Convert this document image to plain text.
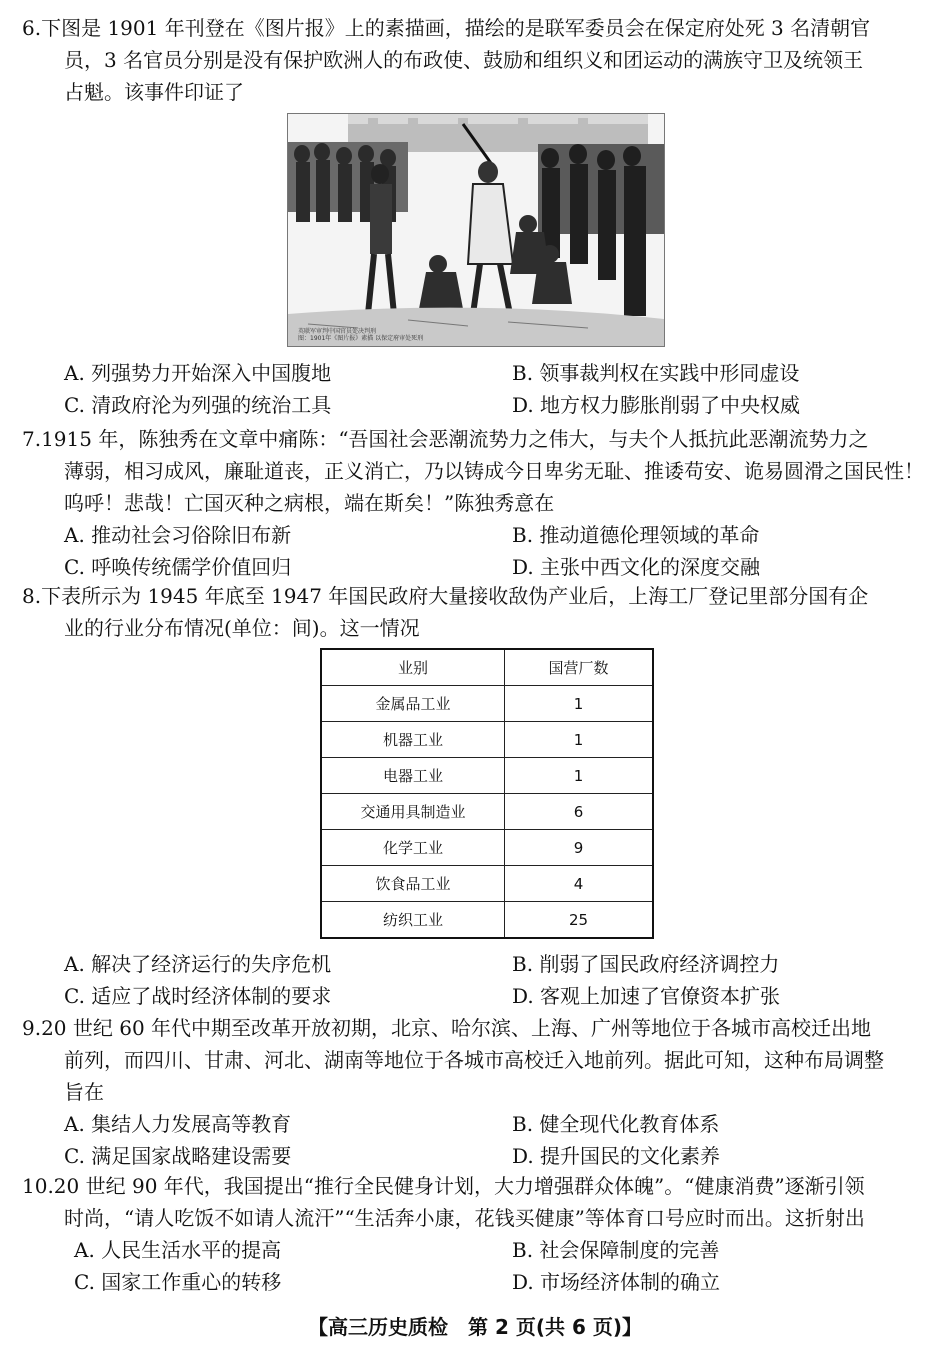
6.下图是 1901 年刊登在《图片报》上的素描画，描绘的是联军委员会在保定府处死 3 名清朝官
员，3 名官员分别是没有保护欧洲人的布政使、鼓励和组织义和团运动的满族守卫及统领王
占魁。该事件印证了
英联军审判中国官员处决判刑
图：1901年《图片报》素描 以保定府审处死刑
A. 列强势力开始深入中国腹地	B. 领事裁判权在实践中形同虚设
C. 清政府沦为列强的统治工具	D. 地方权力膨胀削弱了中央权威
7.1915 年，陈独秀在文章中痛陈：“吾国社会恶潮流势力之伟大，与夫个人抵抗此恶潮流势力之
薄弱，相习成风，廉耻道丧，正义消亡，乃以铸成今日卑劣无耻、推诿苟安、诡易圆滑之国民性！
呜呼！悲哉！亡国灭种之病根，端在斯矣！”陈独秀意在
A. 推动社会习俗除旧布新	B. 推动道德伦理领域的革命
C. 呼唤传统儒学价值回归	D. 主张中西文化的深度交融
8.下表所示为 1945 年底至 1947 年国民政府大量接收敌伪产业后，上海工厂登记里部分国有企
业的行业分布情况(单位：间)。这一情况
业别	国营厂数
金属品工业	1
机器工业	1
电器工业	1
交通用具制造业	6
化学工业	9
饮食品工业	4
纺织工业	25
A. 解决了经济运行的失序危机	B. 削弱了国民政府经济调控力
C. 适应了战时经济体制的要求	D. 客观上加速了官僚资本扩张
9.20 世纪 60 年代中期至改革开放初期，北京、哈尔滨、上海、广州等地位于各城市高校迁出地
前列，而四川、甘肃、河北、湖南等地位于各城市高校迁入地前列。据此可知，这种布局调整
旨在
A. 集结人力发展高等教育	B. 健全现代化教育体系
C. 满足国家战略建设需要	D. 提升国民的文化素养
10.20 世纪 90 年代，我国提出“推行全民健身计划，大力增强群众体魄”。“健康消费”逐渐引领
时尚，“请人吃饭不如请人流汗”“生活奔小康，花钱买健康”等体育口号应时而出。这折射出
A. 人民生活水平的提高	B. 社会保障制度的完善
C. 国家工作重心的转移	D. 市场经济体制的确立
【高三历史质检　第 2 页(共 6 页)】
